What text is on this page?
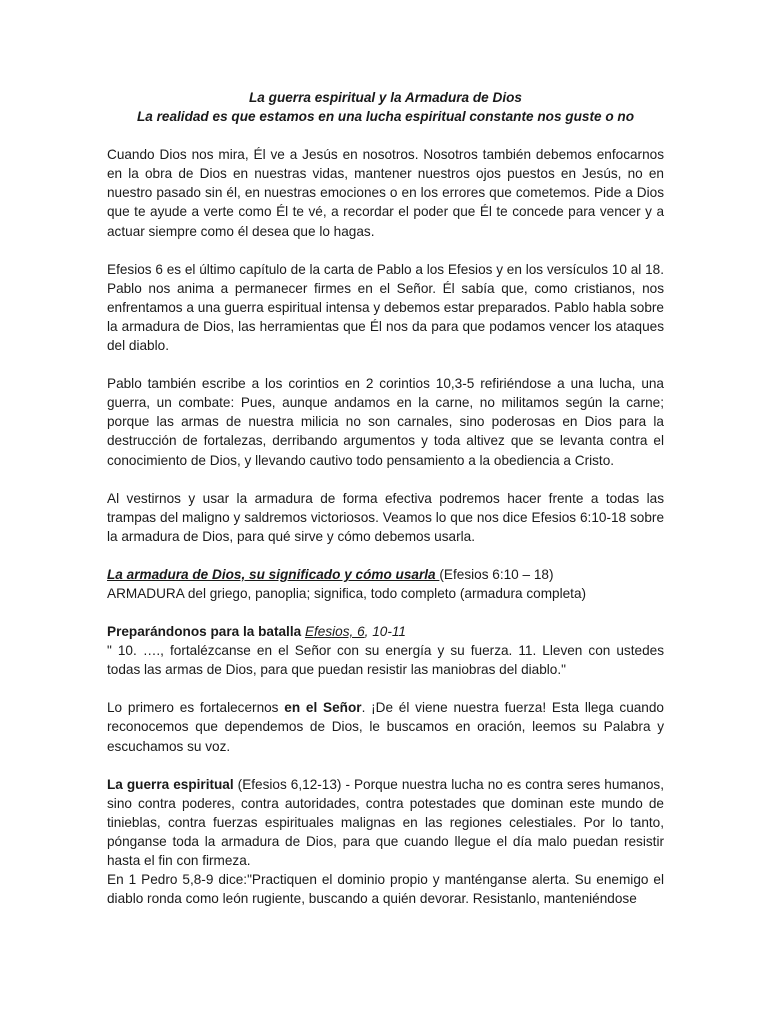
La guerra espiritual y la Armadura de Dios

La realidad es que estamos en una lucha espiritual constante nos guste o no

Cuando Dios nos mira, Él ve a Jesús en nosotros. Nosotros también debemos enfocarnos en la obra de Dios en nuestras vidas, mantener nuestros ojos puestos en Jesús, no en nuestro pasado sin él, en nuestras emociones o en los errores que cometemos. Pide a Dios que te ayude a verte como Él te vé, a recordar el poder que Él te concede para vencer y a actuar siempre como él desea que lo hagas.

Efesios 6 es el último capítulo de la carta de Pablo a los Efesios y en los versículos 10 al 18. Pablo nos anima a permanecer firmes en el Señor. Él sabía que, como cristianos, nos enfrentamos a una guerra espiritual intensa y debemos estar preparados. Pablo habla sobre la armadura de Dios, las herramientas que Él nos da para que podamos vencer los ataques del diablo.

Pablo también escribe a los corintios en 2 corintios 10,3-5 refiriéndose a una lucha, una guerra, un combate: Pues, aunque andamos en la carne, no militamos según la carne; porque las armas de nuestra milicia no son carnales, sino poderosas en Dios para la destrucción de fortalezas, derribando argumentos y toda altivez que se levanta contra el conocimiento de Dios, y llevando cautivo todo pensamiento a la obediencia a Cristo.

Al vestirnos y usar la armadura de forma efectiva podremos hacer frente a todas las trampas del maligno y saldremos victoriosos. Veamos lo que nos dice Efesios 6:10-18 sobre la armadura de Dios, para qué sirve y cómo debemos usarla.

La armadura de Dios, su significado y cómo usarla (Efesios 6:10 – 18)

ARMADURA del griego, panoplia; significa, todo completo (armadura completa)

Preparándonos para la batalla Efesios, 6, 10-11

" 10. …., fortalézcanse en el Señor con su energía y su fuerza. 11. Lleven con ustedes todas las armas de Dios, para que puedan resistir las maniobras del diablo."

Lo primero es fortalecernos en el Señor. ¡De él viene nuestra fuerza! Esta llega cuando reconocemos que dependemos de Dios, le buscamos en oración, leemos su Palabra y escuchamos su voz.

La guerra espiritual (Efesios 6,12-13) - Porque nuestra lucha no es contra seres humanos, sino contra poderes, contra autoridades, contra potestades que dominan este mundo de tinieblas, contra fuerzas espirituales malignas en las regiones celestiales. Por lo tanto, pónganse toda la armadura de Dios, para que cuando llegue el día malo puedan resistir hasta el fin con firmeza.

En 1 Pedro 5,8-9 dice:"Practiquen el dominio propio y manténganse alerta. Su enemigo el diablo ronda como león rugiente, buscando a quién devorar. Resistanlo, manteniéndose
